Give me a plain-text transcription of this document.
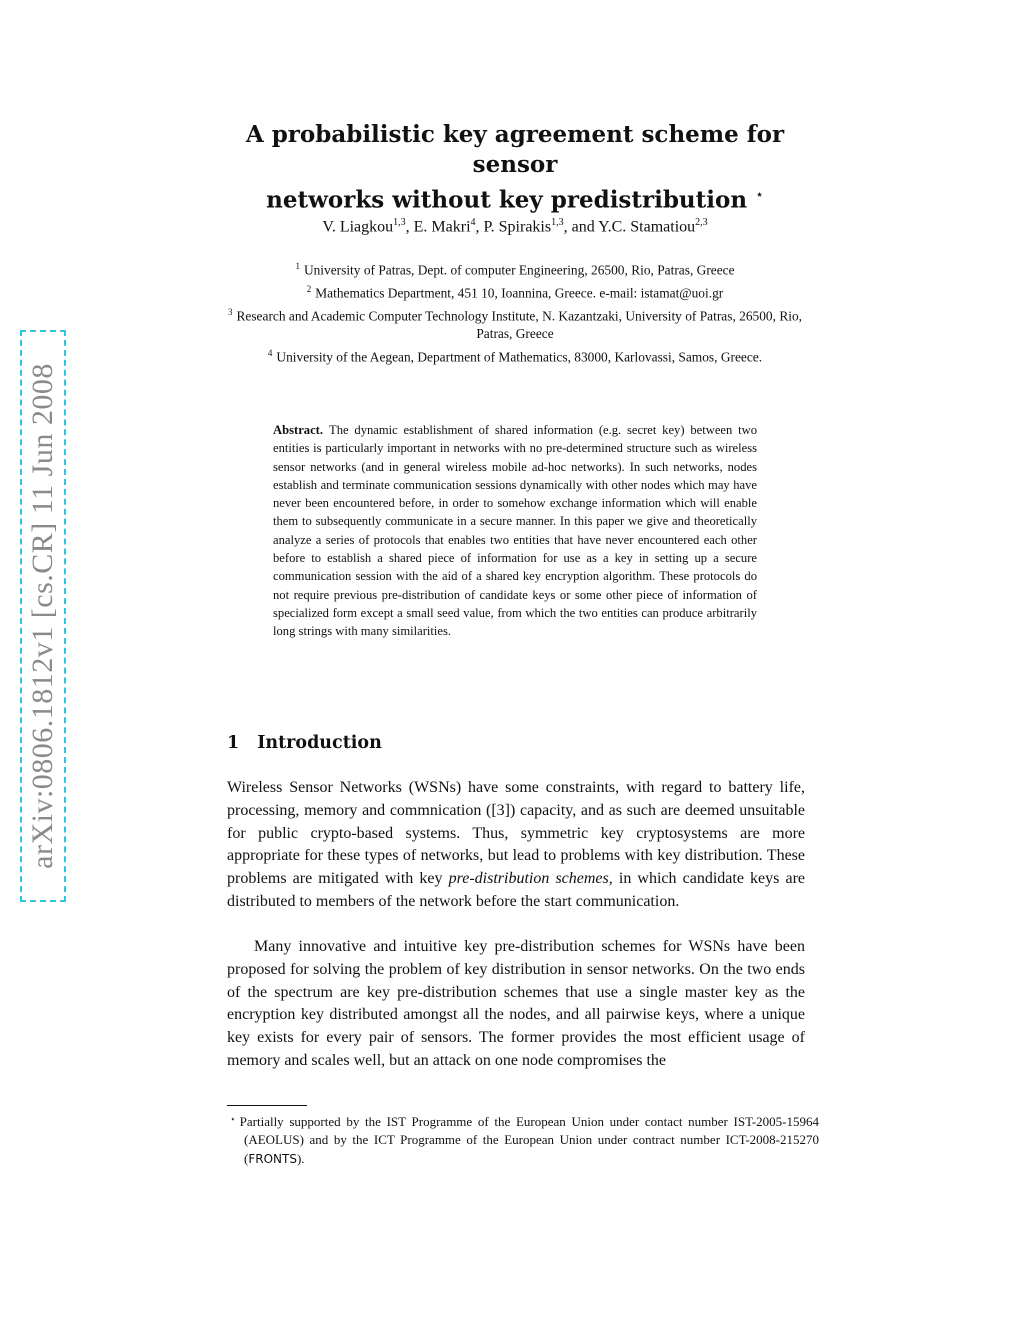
arXiv:0806.1812v1 [cs.CR] 11 Jun 2008
A probabilistic key agreement scheme for sensor
networks without key predistribution ⋆
V. Liagkou$^{1,3}$, E. Makri$^4$, P. Spirakis$^{1,3}$, and Y.C. Stamatiou$^{2,3}$
$^1$ University of Patras, Dept. of computer Engineering, 26500, Rio, Patras, Greece
$^2$ Mathematics Department, 451 10, Ioannina, Greece. e-mail: istamat@uoi.gr
$^3$ Research and Academic Computer Technology Institute, N. Kazantzaki, University of Patras, 26500, Rio, Patras, Greece
$^4$ University of the Aegean, Department of Mathematics, 83000, Karlovassi, Samos, Greece.
Abstract. The dynamic establishment of shared information (e.g. secret key) between two entities is particularly important in networks with no pre-determined structure such as wireless sensor networks (and in general wireless mobile ad-hoc networks). In such networks, nodes establish and terminate communication sessions dynamically with other nodes which may have never been encountered before, in order to somehow exchange information which will enable them to subsequently communicate in a secure manner. In this paper we give and theoretically analyze a series of protocols that enables two entities that have never encountered each other before to establish a shared piece of information for use as a key in setting up a secure communication session with the aid of a shared key encryption algorithm. These protocols do not require previous pre-distribution of candidate keys or some other piece of information of specialized form except a small seed value, from which the two entities can produce arbitrarily long strings with many similarities.
1 Introduction
Wireless Sensor Networks (WSNs) have some constraints, with regard to battery life, processing, memory and commnication ([3]) capacity, and as such are deemed unsuitable for public crypto-based systems. Thus, symmetric key cryptosystems are more appropriate for these types of networks, but lead to problems with key distribution. These problems are mitigated with key pre-distribution schemes, in which candidate keys are distributed to members of the network before the start communication.
Many innovative and intuitive key pre-distribution schemes for WSNs have been proposed for solving the problem of key distribution in sensor networks. On the two ends of the spectrum are key pre-distribution schemes that use a single master key as the encryption key distributed amongst all the nodes, and all pairwise keys, where a unique key exists for every pair of sensors. The former provides the most efficient usage of memory and scales well, but an attack on one node compromises the
⋆ Partially supported by the IST Programme of the European Union under contact number IST-2005-15964 (AEOLUS) and by the ICT Programme of the European Union under contract number ICT-2008-215270 (FRONTS).
